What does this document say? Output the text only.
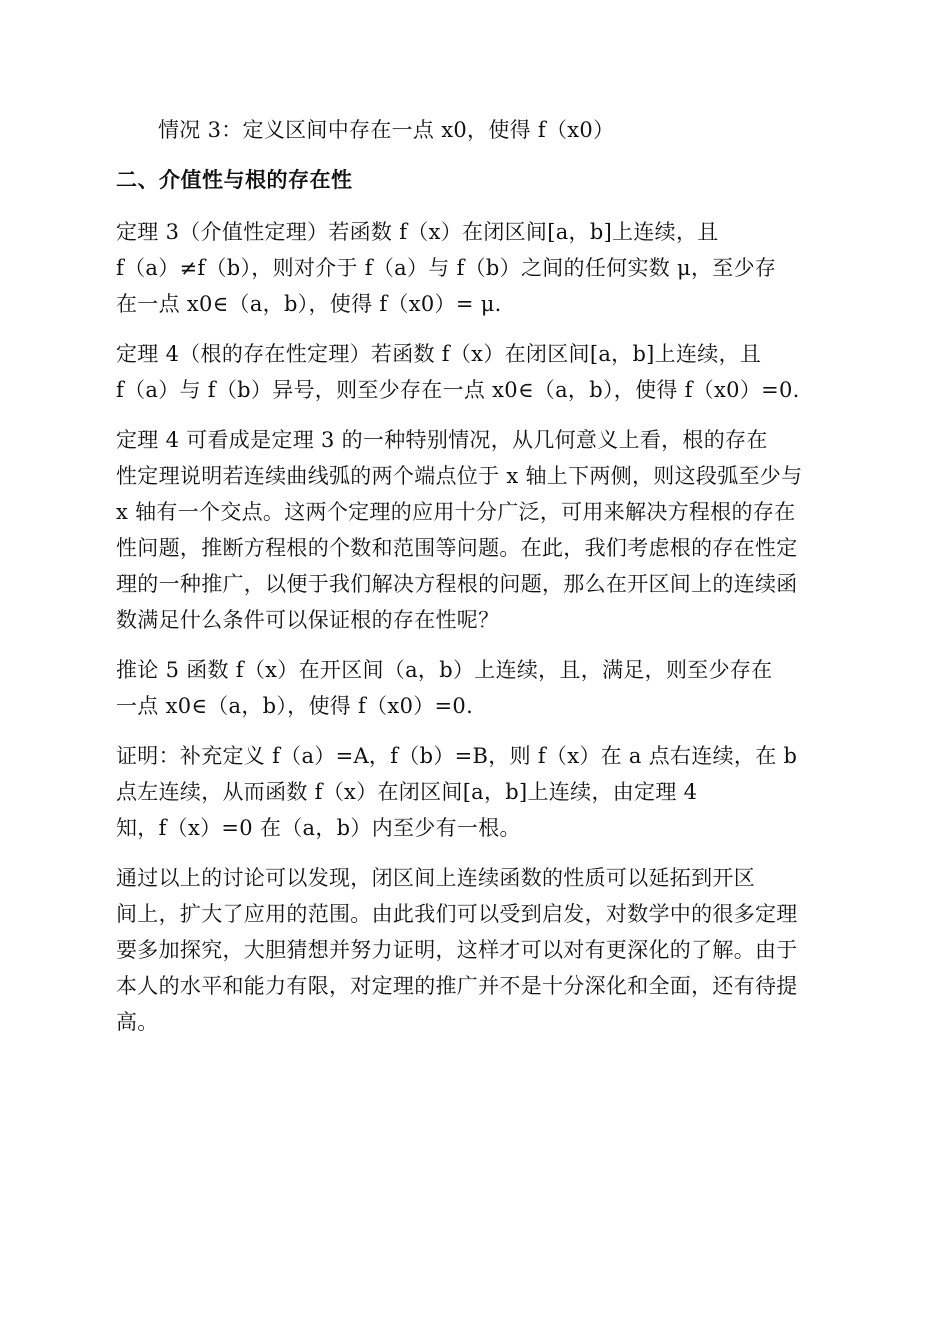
情况 3：定义区间中存在一点 x0，使得 f（x0）

二、介值性与根的存在性

定理 3（介值性定理）若函数 f（x）在闭区间[a，b]上连续，且
f（a）≠f（b），则对介于 f（a）与 f（b）之间的任何实数 μ，至少存
在一点 x0∈（a，b），使得 f（x0）= μ.

定理 4（根的存在性定理）若函数 f（x）在闭区间[a，b]上连续，且
f（a）与 f（b）异号，则至少存在一点 x0∈（a，b），使得 f（x0）=0.

定理 4 可看成是定理 3 的一种特别情况，从几何意义上看，根的存在
性定理说明若连续曲线弧的两个端点位于 x 轴上下两侧，则这段弧至少与
x 轴有一个交点。这两个定理的应用十分广泛，可用来解决方程根的存在
性问题，推断方程根的个数和范围等问题。在此，我们考虑根的存在性定
理的一种推广，以便于我们解决方程根的问题，那么在开区间上的连续函
数满足什么条件可以保证根的存在性呢？

推论 5 函数 f（x）在开区间（a，b）上连续，且，满足，则至少存在
一点 x0∈（a，b），使得 f（x0）=0.

证明：补充定义 f（a）=A，f（b）=B，则 f（x）在 a 点右连续，在 b
点左连续，从而函数 f（x）在闭区间[a，b]上连续，由定理 4
知，f（x）=0 在（a，b）内至少有一根。

通过以上的讨论可以发现，闭区间上连续函数的性质可以延拓到开区
间上，扩大了应用的范围。由此我们可以受到启发，对数学中的很多定理
要多加探究，大胆猜想并努力证明，这样才可以对有更深化的了解。由于
本人的水平和能力有限，对定理的推广并不是十分深化和全面，还有待提
高。
